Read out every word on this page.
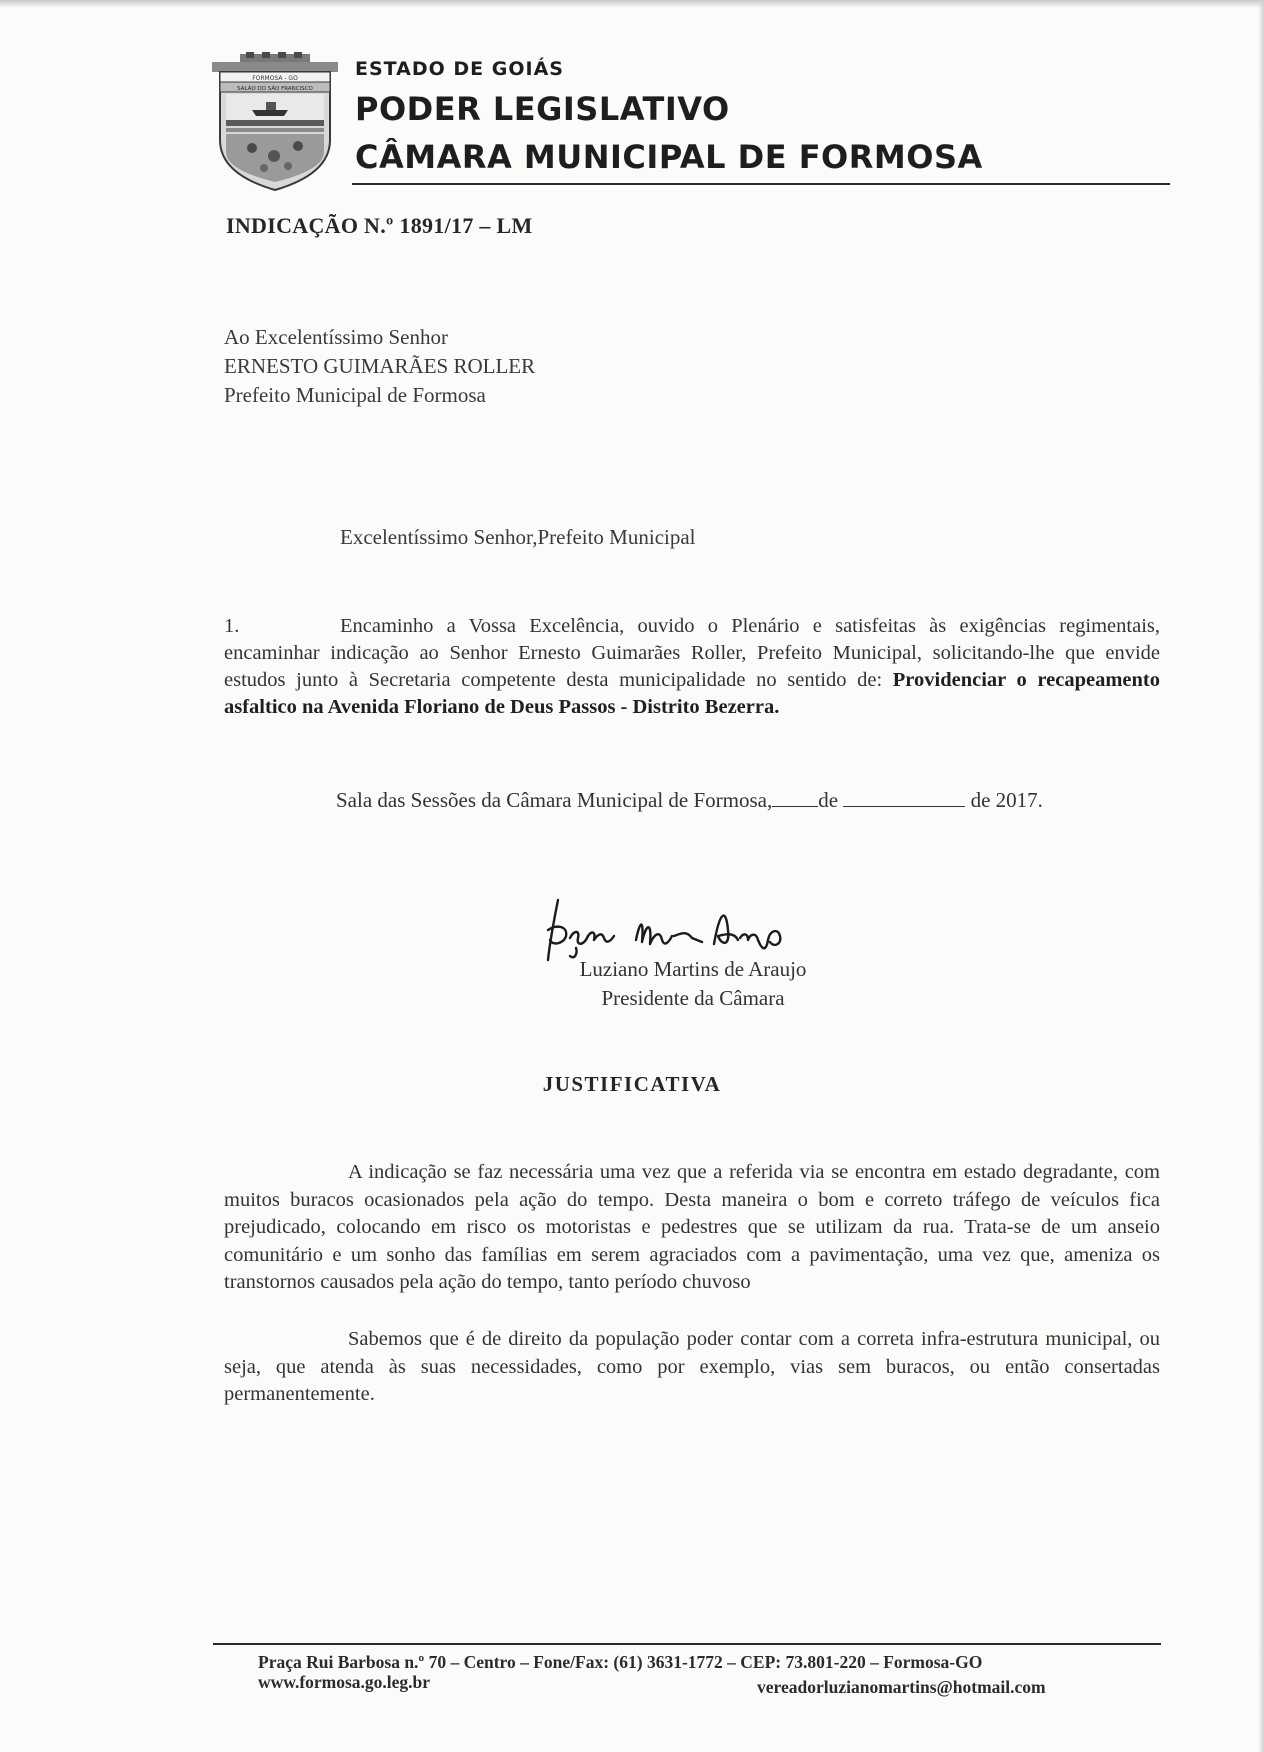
FORMOSA - GO
SALÃO DO SÃO FRANCISCO
ESTADO DE GOIÁS
PODER LEGISLATIVO
CÂMARA MUNICIPAL DE FORMOSA
INDICAÇÃO N.º 1891/17 – LM
Ao Excelentíssimo Senhor
ERNESTO GUIMARÃES ROLLER
Prefeito Municipal de Formosa
Excelentíssimo Senhor,Prefeito Municipal
1.	Encaminho a Vossa Excelência, ouvido o Plenário e satisfeitas às exigências regimentais, encaminhar indicação ao Senhor Ernesto Guimarães Roller, Prefeito Municipal, solicitando-lhe que envide estudos junto à Secretaria competente desta municipalidade no sentido de: Providenciar o recapeamento asfaltico na Avenida Floriano de Deus Passos - Distrito Bezerra.
Sala das Sessões da Câmara Municipal de Formosa, de	de 2017.
Luziano Martins de Araujo
Presidente da Câmara
JUSTIFICATIVA
A indicação se faz necessária uma vez que a referida via se encontra em estado degradante, com muitos buracos ocasionados pela ação do tempo. Desta maneira o bom e correto tráfego de veículos fica prejudicado, colocando em risco os motoristas e pedestres que se utilizam da rua. Trata-se de um anseio comunitário e um sonho das famílias em serem agraciados com a pavimentação, uma vez que, ameniza os transtornos causados pela ação do tempo, tanto período chuvoso
Sabemos que é de direito da população poder contar com a correta infra-estrutura municipal, ou seja, que atenda às suas necessidades, como por exemplo, vias sem buracos, ou então consertadas permanentemente.
Praça Rui Barbosa n.º 70 – Centro – Fone/Fax: (61) 3631-1772 – CEP: 73.801-220 – Formosa-GO
www.formosa.go.leg.br	vereadorluzianomartins@hotmail.com
